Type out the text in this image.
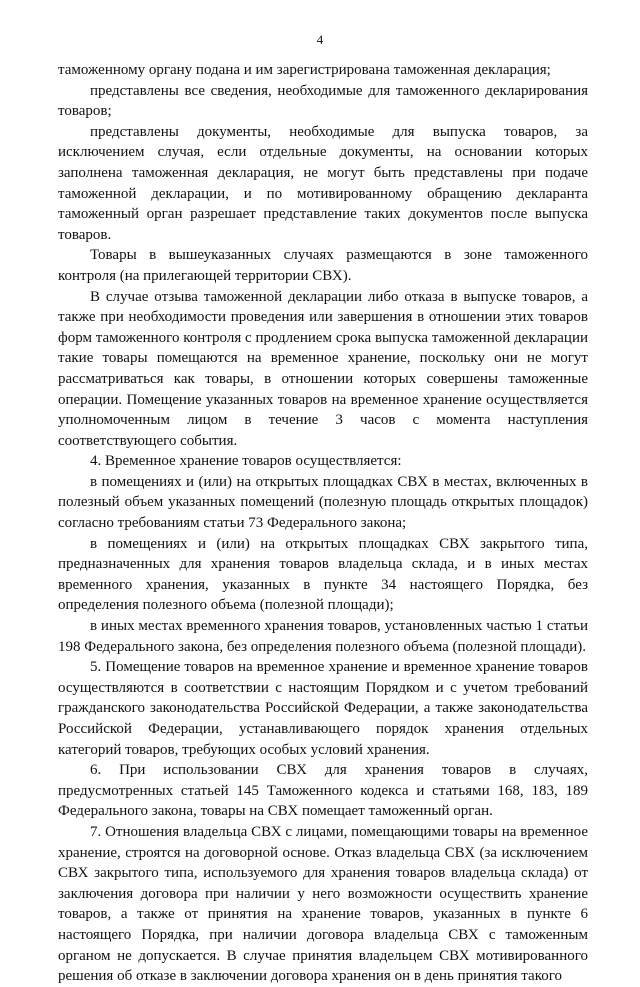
4

таможенному органу подана и им зарегистрирована таможенная декларация;

представлены все сведения, необходимые для таможенного декларирования товаров;

представлены документы, необходимые для выпуска товаров, за исключением случая, если отдельные документы, на основании которых заполнена таможенная декларация, не могут быть представлены при подаче таможенной декларации, и по мотивированному обращению декларанта таможенный орган разрешает представление таких документов после выпуска товаров.

Товары в вышеуказанных случаях размещаются в зоне таможенного контроля (на прилегающей территории СВХ).

В случае отзыва таможенной декларации либо отказа в выпуске товаров, а также при необходимости проведения или завершения в отношении этих товаров форм таможенного контроля с продлением срока выпуска таможенной декларации такие товары помещаются на временное хранение, поскольку они не могут рассматриваться как товары, в отношении которых совершены таможенные операции. Помещение указанных товаров на временное хранение осуществляется уполномоченным лицом в течение 3 часов с момента наступления соответствующего события.

4. Временное хранение товаров осуществляется:

в помещениях и (или) на открытых площадках СВХ в местах, включенных в полезный объем указанных помещений (полезную площадь открытых площадок) согласно требованиям статьи 73 Федерального закона;

в помещениях и (или) на открытых площадках СВХ закрытого типа, предназначенных для хранения товаров владельца склада, и в иных местах временного хранения, указанных в пункте 34 настоящего Порядка, без определения полезного объема (полезной площади);

в иных местах временного хранения товаров, установленных частью 1 статьи 198 Федерального закона, без определения полезного объема (полезной площади).

5. Помещение товаров на временное хранение и временное хранение товаров осуществляются в соответствии с настоящим Порядком и с учетом требований гражданского законодательства Российской Федерации, а также законодательства Российской Федерации, устанавливающего порядок хранения отдельных категорий товаров, требующих особых условий хранения.

6. При использовании СВХ для хранения товаров в случаях, предусмотренных статьей 145 Таможенного кодекса и статьями 168, 183, 189 Федерального закона, товары на СВХ помещает таможенный орган.

7. Отношения владельца СВХ с лицами, помещающими товары на временное хранение, строятся на договорной основе. Отказ владельца СВХ (за исключением СВХ закрытого типа, используемого для хранения товаров владельца склада) от заключения договора при наличии у него возможности осуществить хранение товаров, а также от принятия на хранение товаров, указанных в пункте 6 настоящего Порядка, при наличии договора владельца СВХ с таможенным органом не допускается. В случае принятия владельцем СВХ мотивированного решения об отказе в заключении договора хранения он в день принятия такого
